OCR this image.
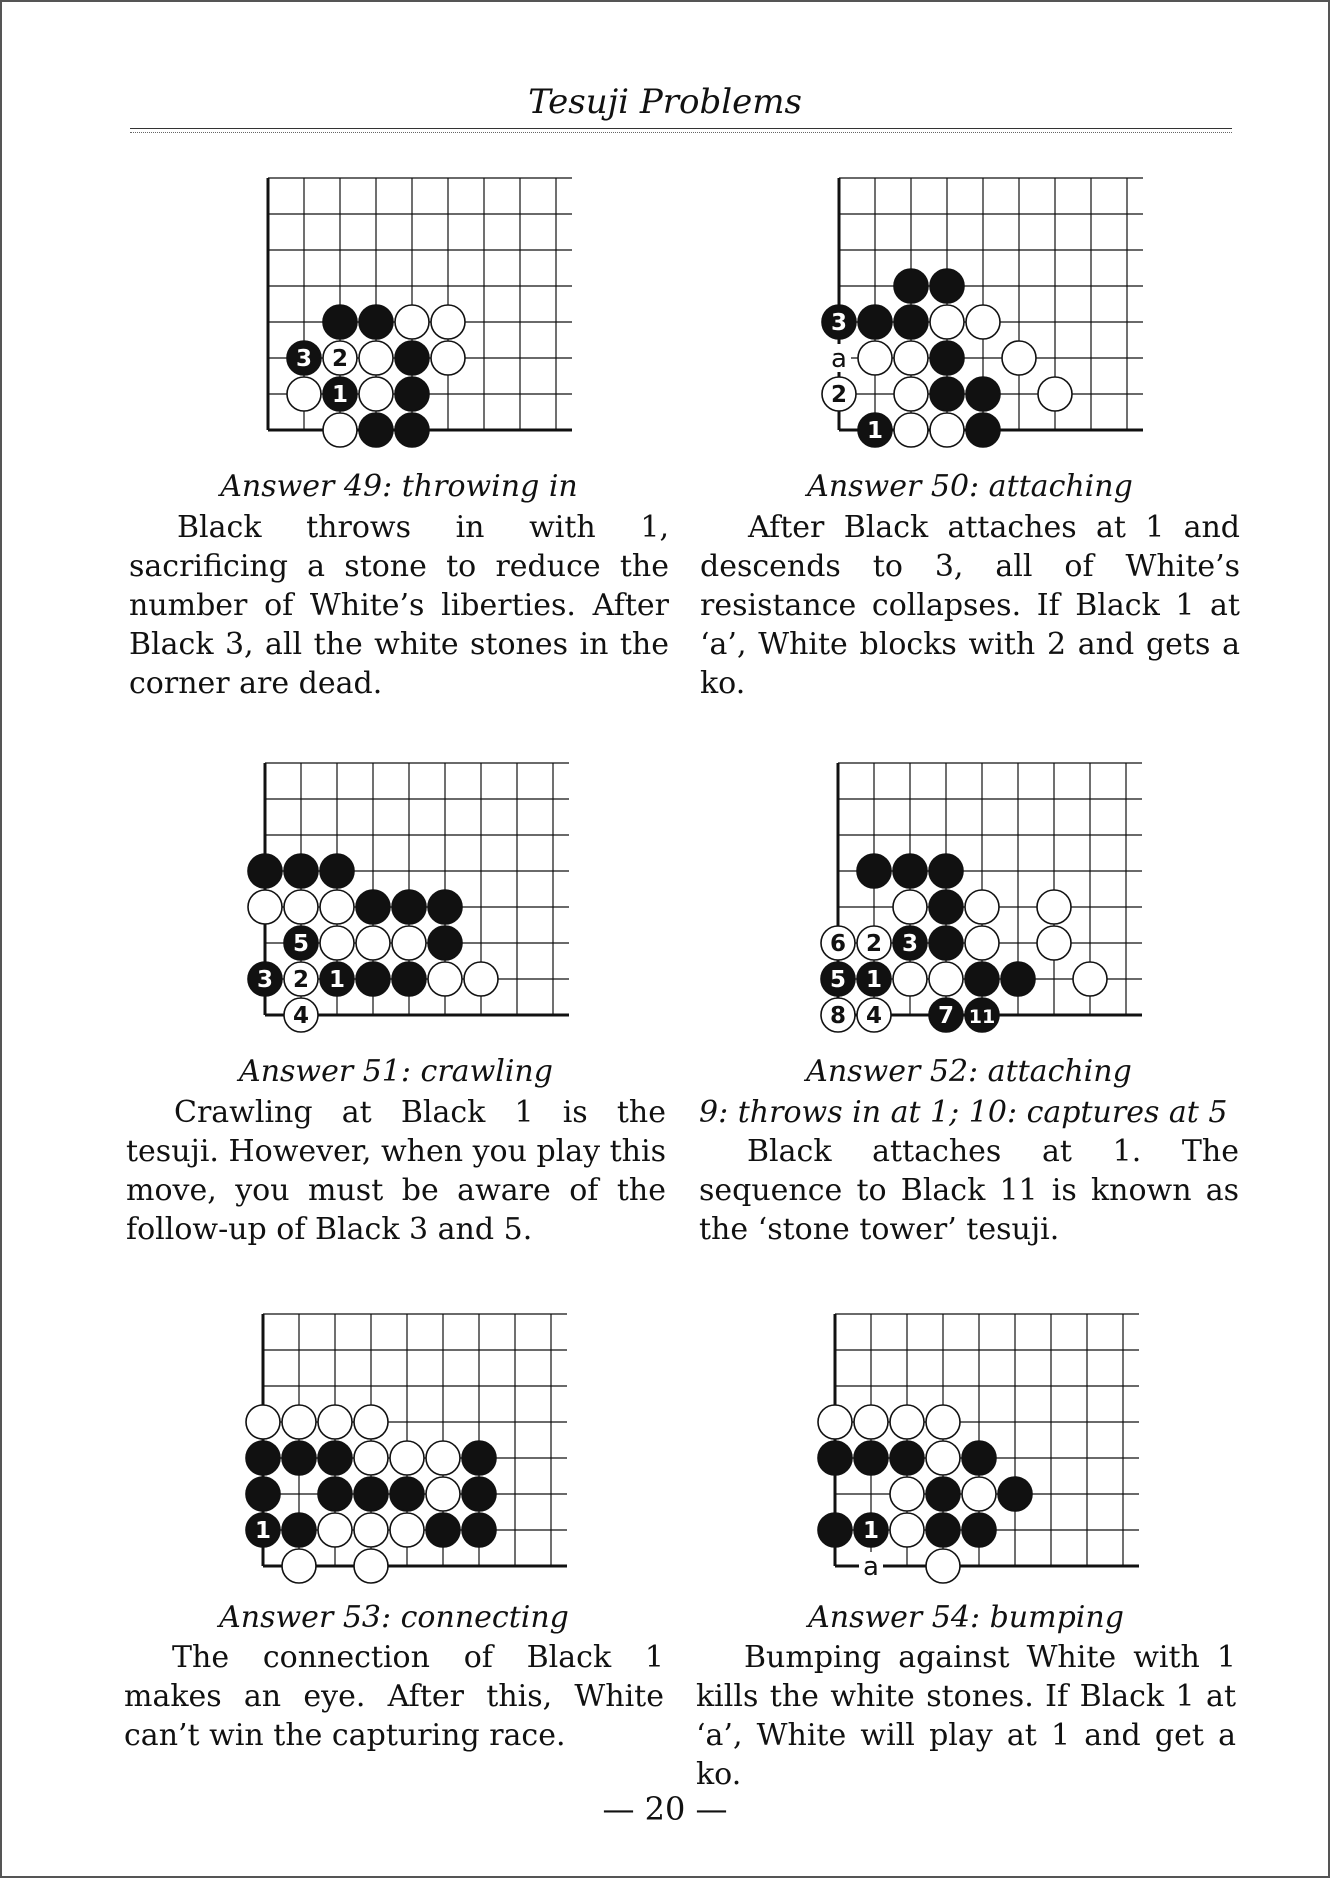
Tesuji Problems
3 2
1
Answer 49: throwing in

Black throws in with 1, sacrificing a stone to reduce the number of White’s liberties. After Black 3, all the white stones in the corner are dead.

a
3
2
1
Answer 50: attaching

After Black attaches at 1 and descends to 3, all of White’s resistance collapses. If Black 1 at ‘a’, White blocks with 2 and gets a ko.

5
3 2 1
4
Answer 51: crawling

Crawling at Black 1 is the tesuji. However, when you play this move, you must be aware of the follow-up of Black 3 and 5.

6 2 3
5 1
8 4 7 11
Answer 52: attaching

9: throws in at 1; 10: captures at 5

Black attaches at 1. The sequence to Black 11 is known as the ‘stone tower’ tesuji.

1
Answer 53: connecting

The connection of Black 1 makes an eye. After this, White can’t win the capturing race.

a
1
Answer 54: bumping

Bumping against White with 1 kills the white stones. If Black 1 at ‘a’, White will play at 1 and get a ko.

— 20 —
